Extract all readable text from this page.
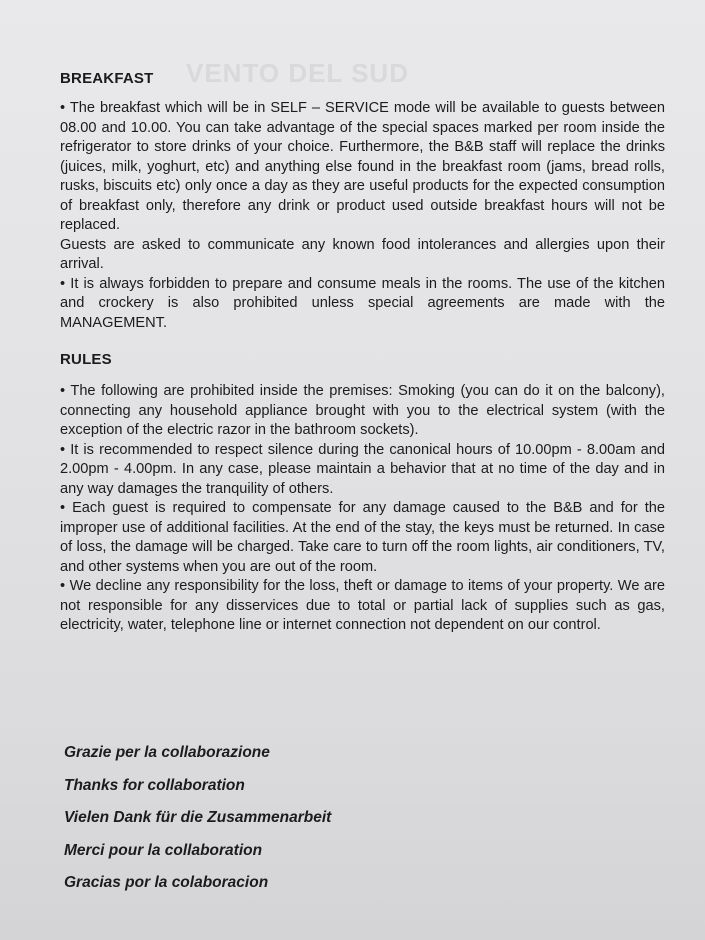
VENTO DEL SUD

BREAKFAST

• The breakfast which will be in SELF – SERVICE mode will be available to guests between 08.00 and 10.00. You can take advantage of the special spaces marked per room inside the refrigerator to store drinks of your choice. Furthermore, the B&B staff will replace the drinks (juices, milk, yoghurt, etc) and anything else found in the breakfast room (jams, bread rolls, rusks, biscuits etc) only once a day as they are useful products for the expected consumption of breakfast only, therefore any drink or product used outside breakfast hours will not be replaced.

Guests are asked to communicate any known food intolerances and allergies upon their arrival.

• It is always forbidden to prepare and consume meals in the rooms. The use of the kitchen and crockery is also prohibited unless special agreements are made with the MANAGEMENT.

RULES

• The following are prohibited inside the premises: Smoking (you can do it on the balcony), connecting any household appliance brought with you to the electrical system (with the exception of the electric razor in the bathroom sockets).

• It is recommended to respect silence during the canonical hours of 10.00pm - 8.00am and 2.00pm - 4.00pm. In any case, please maintain a behavior that at no time of the day and in any way damages the tranquility of others.

• Each guest is required to compensate for any damage caused to the B&B and for the improper use of additional facilities. At the end of the stay, the keys must be returned. In case of loss, the damage will be charged. Take care to turn off the room lights, air conditioners, TV, and other systems when you are out of the room.

• We decline any responsibility for the loss, theft or damage to items of your property. We are not responsible for any disservices due to total or partial lack of supplies such as gas, electricity, water, telephone line or internet connection not dependent on our control.

Grazie per la collaborazione
Thanks for collaboration
Vielen Dank für die Zusammenarbeit
Merci pour la collaboration
Gracias por la colaboracion
